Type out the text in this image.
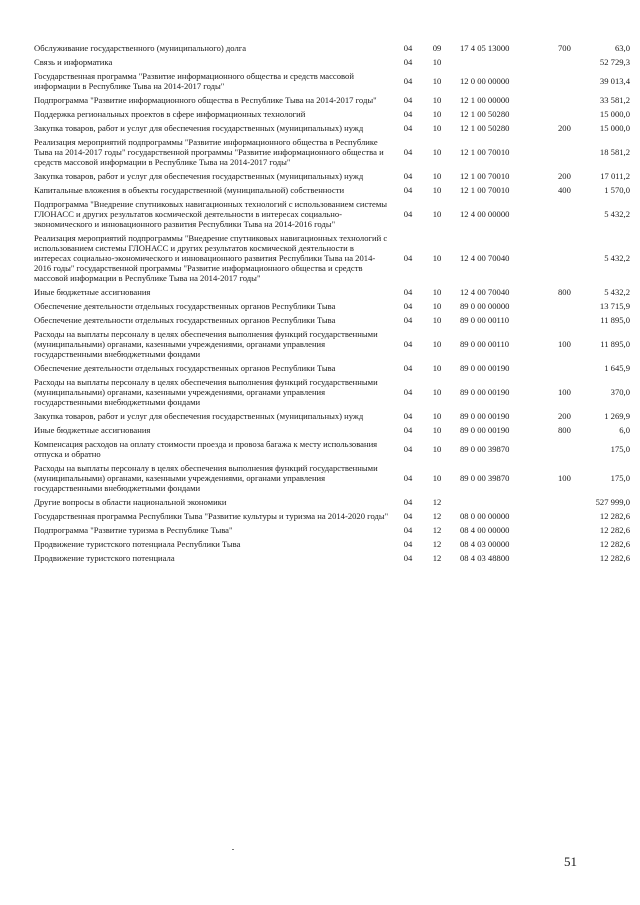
Обслуживание государственного (муниципального) долга	04	09	17 4 05 13000	700	63,0
Связь и информатика	04	10			52 729,3
Государственная программа "Развитие информационного общества и средств массовой информации в Республике Тыва на 2014-2017 годы"	04	10	12 0 00 00000		39 013,4
Подпрограмма "Развитие информационного общества в Республике Тыва на 2014-2017 годы"	04	10	12 1 00 00000		33 581,2
Поддержка региональных проектов в сфере информационных технологий	04	10	12 1 00 50280		15 000,0
Закупка товаров, работ и услуг для обеспечения государственных (муниципальных) нужд	04	10	12 1 00 50280	200	15 000,0
Реализация мероприятий подпрограммы "Развитие информационного общества в Республике Тыва на 2014-2017 годы" государственной программы "Развитие информационного общества и средств массовой информации в Республике Тыва на 2014-2017 годы"	04	10	12 1 00 70010		18 581,2
Закупка товаров, работ и услуг для обеспечения государственных (муниципальных) нужд	04	10	12 1 00 70010	200	17 011,2
Капитальные вложения в объекты государственной (муниципальной) собственности	04	10	12 1 00 70010	400	1 570,0
Подпрограмма "Внедрение спутниковых навигационных технологий с использованием системы ГЛОНАСС и других результатов космической деятельности в интересах социально-экономического и инновационного развития Республики Тыва на 2014-2016 годы"	04	10	12 4 00 00000		5 432,2
Реализация мероприятий подпрограммы "Внедрение спутниковых навигационных технологий с использованием системы ГЛОНАСС и других результатов космической деятельности в интересах социально-экономического и инновационного развития Республики Тыва на 2014-2016 годы" государственной программы "Развитие информационного общества и средств массовой информации в Республике Тыва на 2014-2017 годы"	04	10	12 4 00 70040		5 432,2
Иные бюджетные ассигнования	04	10	12 4 00 70040	800	5 432,2
Обеспечение деятельности отдельных государственных органов Республики Тыва	04	10	89 0 00 00000		13 715,9
Обеспечение деятельности отдельных государственных органов Республики Тыва	04	10	89 0 00 00110		11 895,0
Расходы на выплаты персоналу в целях обеспечения выполнения функций государственными (муниципальными) органами, казенными учреждениями, органами управления государственными внебюджетными фондами	04	10	89 0 00 00110	100	11 895,0
Обеспечение деятельности отдельных государственных органов Республики Тыва	04	10	89 0 00 00190		1 645,9
Расходы на выплаты персоналу в целях обеспечения выполнения функций государственными (муниципальными) органами, казенными учреждениями, органами управления государственными внебюджетными фондами	04	10	89 0 00 00190	100	370,0
Закупка товаров, работ и услуг для обеспечения государственных (муниципальных) нужд	04	10	89 0 00 00190	200	1 269,9
Иные бюджетные ассигнования	04	10	89 0 00 00190	800	6,0
Компенсация расходов на оплату стоимости проезда и провоза багажа к месту использования отпуска и обратно	04	10	89 0 00 39870		175,0
Расходы на выплаты персоналу в целях обеспечения выполнения функций государственными (муниципальными) органами, казенными учреждениями, органами управления государственными внебюджетными фондами	04	10	89 0 00 39870	100	175,0
Другие вопросы в области национальной экономики	04	12			527 999,0
Государственная программа Республики Тыва "Развитие культуры и туризма на 2014-2020 годы"	04	12	08 0 00 00000		12 282,6
Подпрограмма "Развитие туризма в Республике Тыва"	04	12	08 4 00 00000		12 282,6
Продвижение туристского потенциала Республики Тыва	04	12	08 4 03 00000		12 282,6
Продвижение туристского потенциала	04	12	08 4 03 48800		12 282,6
51
